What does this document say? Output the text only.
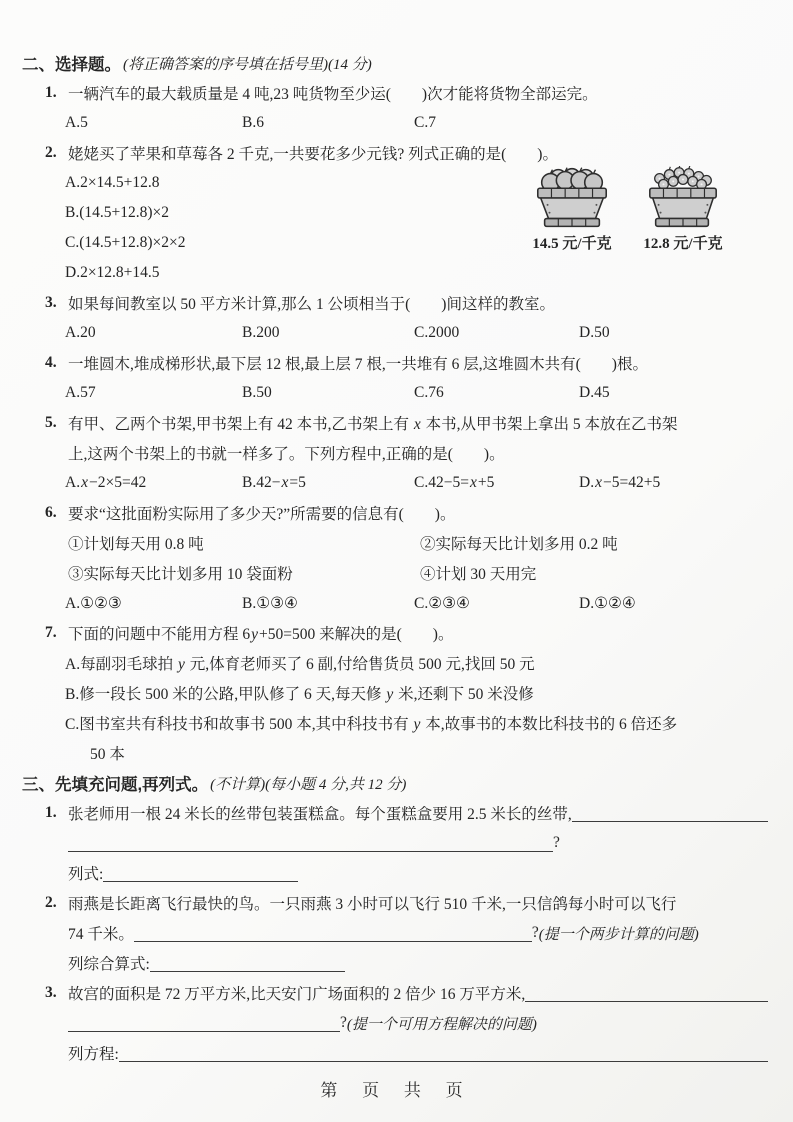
二、选择题。 (将正确答案的序号填在括号里)(14 分)
1. 一辆汽车的最大载质量是 4 吨,23 吨货物至少运(　　)次才能将货物全部运完。
A.5	B.6	C.7
2. 姥姥买了苹果和草莓各 2 千克,一共要花多少元钱? 列式正确的是(　　)。
A.2×14.5+12.8
B.(14.5+12.8)×2
C.(14.5+12.8)×2×2
D.2×12.8+14.5
14.5 元/千克 12.8 元/千克
3. 如果每间教室以 50 平方米计算,那么 1 公顷相当于(　　)间这样的教室。
A.20	B.200	C.2000	D.50
4. 一堆圆木,堆成梯形状,最下层 12 根,最上层 7 根,一共堆有 6 层,这堆圆木共有(　　)根。
A.57	B.50	C.76	D.45
5. 有甲、乙两个书架,甲书架上有 42 本书,乙书架上有 x 本书,从甲书架上拿出 5 本放在乙书架
上,这两个书架上的书就一样多了。下列方程中,正确的是(　　)。
A.x−2×5=42	B.42−x=5	C.42−5=x+5	D.x−5=42+5
6. 要求“这批面粉实际用了多少天?”所需要的信息有(　　)。
①计划每天用 0.8 吨	②实际每天比计划多用 0.2 吨
③实际每天比计划多用 10 袋面粉	④计划 30 天用完
A.①②③	B.①③④	C.②③④	D.①②④
7. 下面的问题中不能用方程 6y+50=500 来解决的是(　　)。
A.每副羽毛球拍 y 元,体育老师买了 6 副,付给售货员 500 元,找回 50 元
B.修一段长 500 米的公路,甲队修了 6 天,每天修 y 米,还剩下 50 米没修
C.图书室共有科技书和故事书 500 本,其中科技书有 y 本,故事书的本数比科技书的 6 倍还多
50 本
三、先填充问题,再列式。 (不计算)(每小题 4 分,共 12 分)
1. 张老师用一根 24 米长的丝带包装蛋糕盒。每个蛋糕盒要用 2.5 米长的丝带,
?
列式:
2. 雨燕是长距离飞行最快的鸟。一只雨燕 3 小时可以飞行 510 千米,一只信鸽每小时可以飞行
74 千米。	? (提一个两步计算的问题)
列综合算式:
3. 故宫的面积是 72 万平方米,比天安门广场面积的 2 倍少 16 万平方米,
? (提一个可用方程解决的问题)
列方程:
第 页 共 页
